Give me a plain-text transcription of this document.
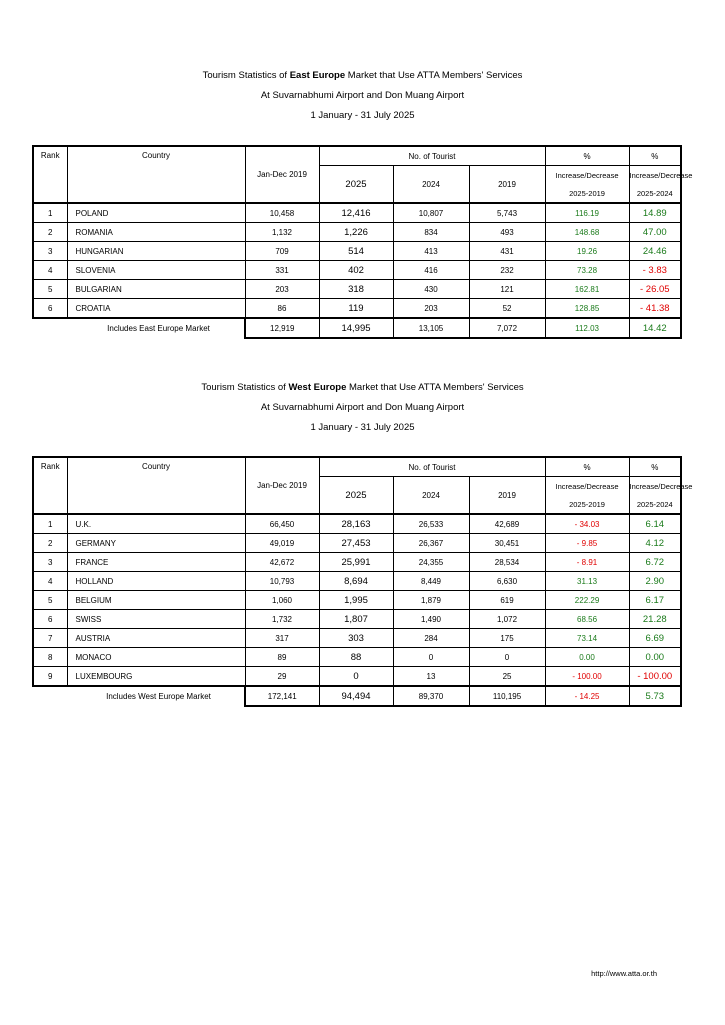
Tourism Statistics of East Europe Market that Use ATTA Members' Services
At Suvarnabhumi Airport and Don Muang Airport
1 January - 31 July 2025
Rank	Country	Jan-Dec 2019	No. of Tourist			%	%
			2025	2024	2019	Increase/Decrease	Increase/Decrease
						2025-2019	2025-2024
1	POLAND	10,458	12,416	10,807	5,743	116.19	14.89
2	ROMANIA	1,132	1,226	834	493	148.68	47.00
3	HUNGARIAN	709	514	413	431	19.26	24.46
4	SLOVENIA	331	402	416	232	73.28	- 3.83
5	BULGARIAN	203	318	430	121	162.81	- 26.05
6	CROATIA	86	119	203	52	128.85	- 41.38
Includes East Europe Market		12,919	14,995	13,105	7,072	112.03	14.42
Tourism Statistics of West Europe Market that Use ATTA Members' Services
At Suvarnabhumi Airport and Don Muang Airport
1 January - 31 July 2025
Rank	Country	Jan-Dec 2019	No. of Tourist			%	%
			2025	2024	2019	Increase/Decrease	Increase/Decrease
						2025-2019	2025-2024
1	U.K.	66,450	28,163	26,533	42,689	- 34.03	6.14
2	GERMANY	49,019	27,453	26,367	30,451	- 9.85	4.12
3	FRANCE	42,672	25,991	24,355	28,534	- 8.91	6.72
4	HOLLAND	10,793	8,694	8,449	6,630	31.13	2.90
5	BELGIUM	1,060	1,995	1,879	619	222.29	6.17
6	SWISS	1,732	1,807	1,490	1,072	68.56	21.28
7	AUSTRIA	317	303	284	175	73.14	6.69
8	MONACO	89	88	0	0	0.00	0.00
9	LUXEMBOURG	29	0	13	25	- 100.00	- 100.00
Includes West Europe Market		172,141	94,494	89,370	110,195	- 14.25	5.73
http://www.atta.or.th
